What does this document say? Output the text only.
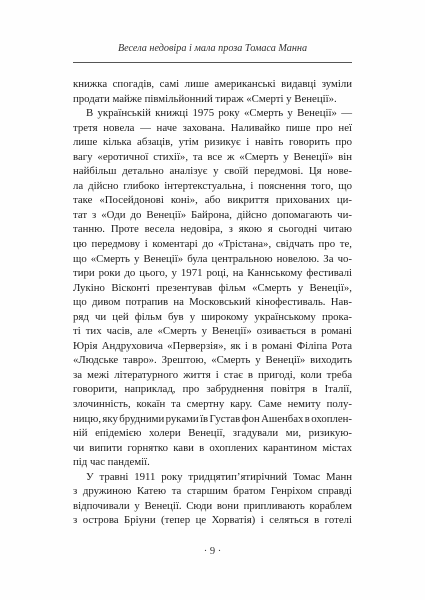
Весела недовіра і мала проза Томаса Манна
книжка спогадів, самі лише американські видавці зуміли
продати майже півмільйонний тираж «Смерті у Венеції».
В українській книжці 1975 року «Смерть у Венеції» —
третя новела — наче захована. Наливайко пише про неї
лише кілька абзаців, утім ризикує і навіть говорить про
вагу «еротичної стихії», та все ж «Смерть у Венеції» він
найбільш детально аналізує у своїй передмові. Ця нове-
ла дійсно глибоко інтертекстуальна, і пояснення того, що
таке «Посейдонові коні», або викриття прихованих ци-
тат з «Оди до Венеції» Байрона, дійсно допомагають чи-
танню. Проте весела недовіра, з якою я сьогодні читаю
цю передмову і коментарі до «Трістана», свідчать про те,
що «Смерть у Венеції» була центральною новелою. За чо-
тири роки до цього, у 1971 році, на Каннському фестивалі
Лукіно Вісконті презентував фільм «Смерть у Венеції»,
що дивом потрапив на Московський кінофестиваль. Нав-
ряд чи цей фільм був у широкому українському прока-
ті тих часів, але «Смерть у Венеції» озивається в романі
Юрія Андруховича «Перверзія», як і в романі Філіпа Рота
«Людське тавро». Зрештою, «Смерть у Венеції» виходить
за межі літературного життя і стає в пригоді, коли треба
говорити, наприклад, про забруднення повітря в Італії,
злочинність, кокаїн та смертну кару. Саме немиту полу-
ницю, яку брудними руками їв Густав фон Ашенбах в охоплен-
ній епідемією холери Венеції, згадували ми, ризикую-
чи випити горнятко кави в охоплених карантином містах
під час пандемії.
У травні 1911 року тридцятип’ятирічний Томас Манн
з дружиною Катею та старшим братом Генріхом справді
відпочивали у Венеції. Сюди вони припливають кораблем
з острова Бріуни (тепер це Хорватія) і селяться в готелі
· 9 ·
